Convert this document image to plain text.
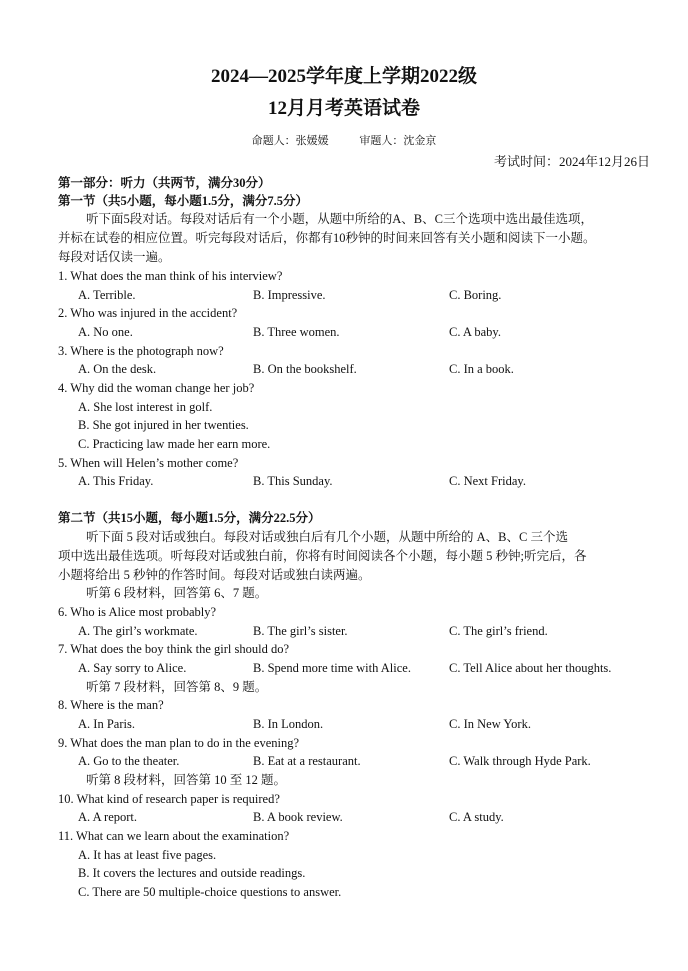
2024—2025学年度上学期2022级
12月月考英语试卷
命题人：张媛媛	审题人：沈金京
考试时间：2024年12月26日
第一部分：听力（共两节，满分30分）
第一节（共5小题，每小题1.5分，满分7.5分）
听下面5段对话。每段对话后有一个小题，从题中所给的A、B、C三个选项中选出最佳选项，
并标在试卷的相应位置。听完每段对话后，你都有10秒钟的时间来回答有关小题和阅读下一小题。
每段对话仅读一遍。
1. What does the man think of his interview?
A. Terrible.	B. Impressive.	C. Boring.
2. Who was injured in the accident?
A. No one.	B. Three women.	C. A baby.
3. Where is the photograph now?
A. On the desk.	B. On the bookshelf.	C. In a book.
4. Why did the woman change her job?
A. She lost interest in golf.
B. She got injured in her twenties.
C. Practicing law made her earn more.
5. When will Helen’s mother come?
A. This Friday.	B. This Sunday.	C. Next Friday.
第二节（共15小题，每小题1.5分，满分22.5分）
听下面 5 段对话或独白。每段对话或独白后有几个小题，从题中所给的 A、B、C 三个选
项中选出最佳选项。听每段对话或独白前，你将有时间阅读各个小题，每小题 5 秒钟;听完后，各
小题将给出 5 秒钟的作答时间。每段对话或独白读两遍。
听第 6 段材料，回答第 6、7 题。
6. Who is Alice most probably?
A. The girl’s workmate.	B. The girl’s sister.	C. The girl’s friend.
7. What does the boy think the girl should do?
A. Say sorry to Alice.	B. Spend more time with Alice.	C. Tell Alice about her thoughts.
听第 7 段材料，回答第 8、9 题。
8. Where is the man?
A. In Paris.	B. In London.	C. In New York.
9. What does the man plan to do in the evening?
A. Go to the theater.	B. Eat at a restaurant.	C. Walk through Hyde Park.
听第 8 段材料，回答第 10 至 12 题。
10. What kind of research paper is required?
A. A report.	B. A book review.	C. A study.
11. What can we learn about the examination?
A. It has at least five pages.
B. It covers the lectures and outside readings.
C. There are 50 multiple-choice questions to answer.
